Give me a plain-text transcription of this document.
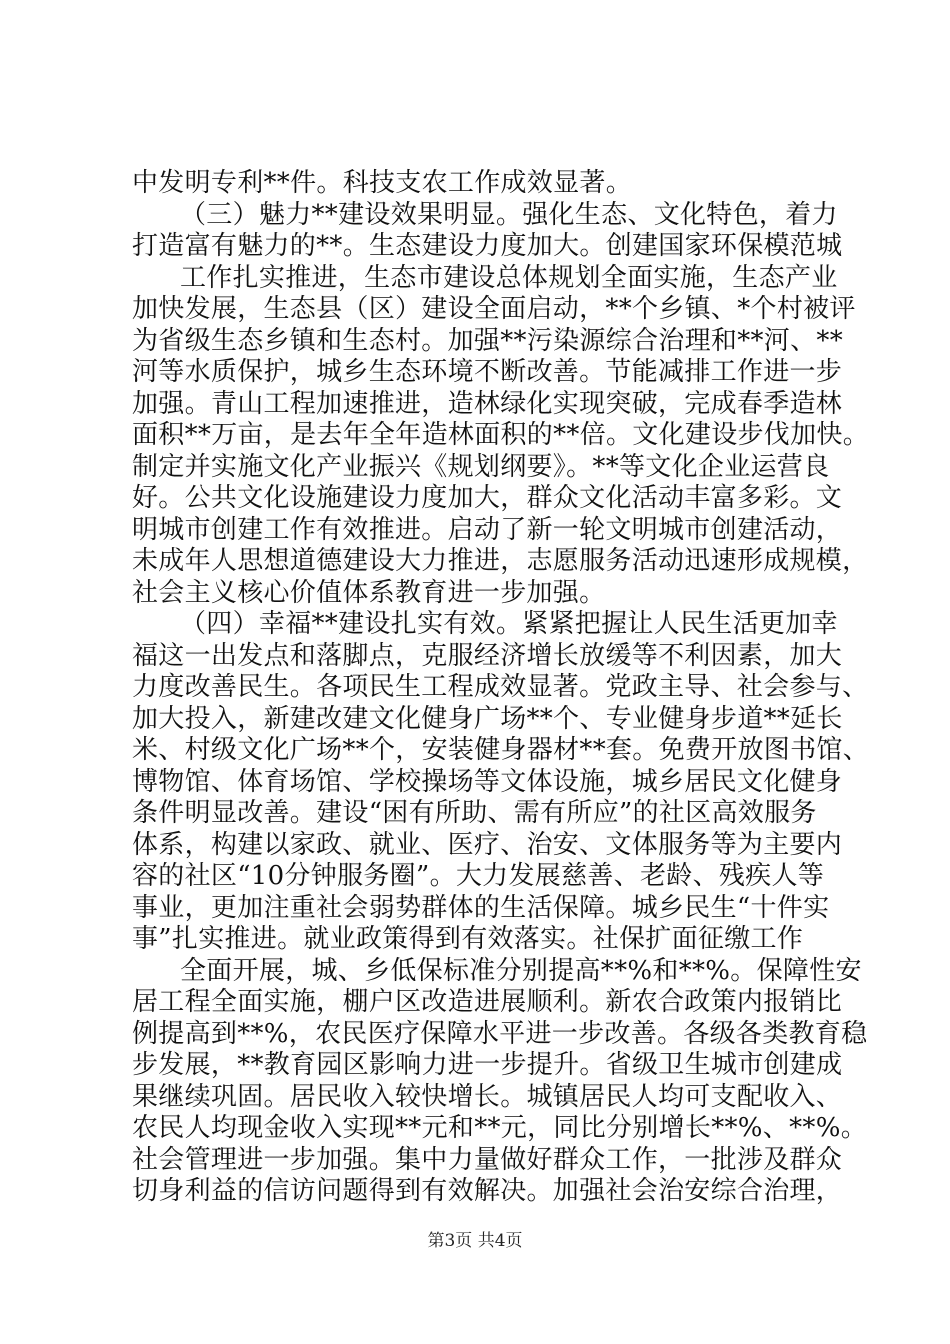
中发明专利**件。科技支农工作成效显著。
（三）魅力**建设效果明显。强化生态、文化特色，着力
打造富有魅力的**。生态建设力度加大。创建国家环保模范城
工作扎实推进，生态市建设总体规划全面实施，生态产业
加快发展，生态县（区）建设全面启动，**个乡镇、*个村被评
为省级生态乡镇和生态村。加强**污染源综合治理和**河、**
河等水质保护，城乡生态环境不断改善。节能减排工作进一步
加强。青山工程加速推进，造林绿化实现突破，完成春季造林
面积**万亩，是去年全年造林面积的**倍。文化建设步伐加快。
制定并实施文化产业振兴《规划纲要》。**等文化企业运营良
好。公共文化设施建设力度加大，群众文化活动丰富多彩。文
明城市创建工作有效推进。启动了新一轮文明城市创建活动，
未成年人思想道德建设大力推进，志愿服务活动迅速形成规模，
社会主义核心价值体系教育进一步加强。
（四）幸福**建设扎实有效。紧紧把握让人民生活更加幸
福这一出发点和落脚点，克服经济增长放缓等不利因素，加大
力度改善民生。各项民生工程成效显著。党政主导、社会参与、
加大投入，新建改建文化健身广场**个、专业健身步道**延长
米、村级文化广场**个，安装健身器材**套。免费开放图书馆、
博物馆、体育场馆、学校操场等文体设施，城乡居民文化健身
条件明显改善。建设“困有所助、需有所应”的社区高效服务
体系，构建以家政、就业、医疗、治安、文体服务等为主要内
容的社区“10分钟服务圈”。大力发展慈善、老龄、残疾人等
事业，更加注重社会弱势群体的生活保障。城乡民生“十件实
事”扎实推进。就业政策得到有效落实。社保扩面征缴工作
全面开展，城、乡低保标准分别提高**%和**%。保障性安
居工程全面实施，棚户区改造进展顺利。新农合政策内报销比
例提高到**%，农民医疗保障水平进一步改善。各级各类教育稳
步发展，**教育园区影响力进一步提升。省级卫生城市创建成
果继续巩固。居民收入较快增长。城镇居民人均可支配收入、
农民人均现金收入实现**元和**元，同比分别增长**%、**%。
社会管理进一步加强。集中力量做好群众工作，一批涉及群众
切身利益的信访问题得到有效解决。加强社会治安综合治理，
第3页 共4页
